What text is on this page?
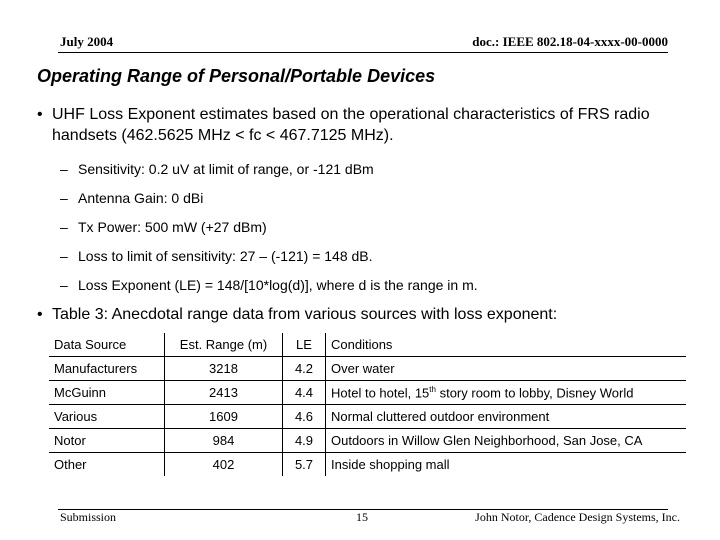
July 2004	doc.: IEEE 802.18-04-xxxx-00-0000
Operating Range of Personal/Portable Devices
• UHF Loss Exponent estimates based on the operational characteristics of FRS radio handsets (462.5625 MHz < fc < 467.7125 MHz).
– Sensitivity: 0.2 uV at limit of range, or -121 dBm
– Antenna Gain: 0 dBi
– Tx Power: 500 mW (+27 dBm)
– Loss to limit of sensitivity: 27 – (-121) = 148 dB.
– Loss Exponent (LE) = 148/[10*log(d)], where d is the range in m.
• Table 3: Anecdotal range data from various sources with loss exponent:
Data Source	Est. Range (m)	LE	Conditions
Manufacturers	3218	4.2	Over water
McGuinn	2413	4.4	Hotel to hotel, 15th story room to lobby, Disney World
Various	1609	4.6	Normal cluttered outdoor environment
Notor	984	4.9	Outdoors in Willow Glen Neighborhood, San Jose, CA
Other	402	5.7	Inside shopping mall
Submission	15	John Notor, Cadence Design Systems, Inc.
